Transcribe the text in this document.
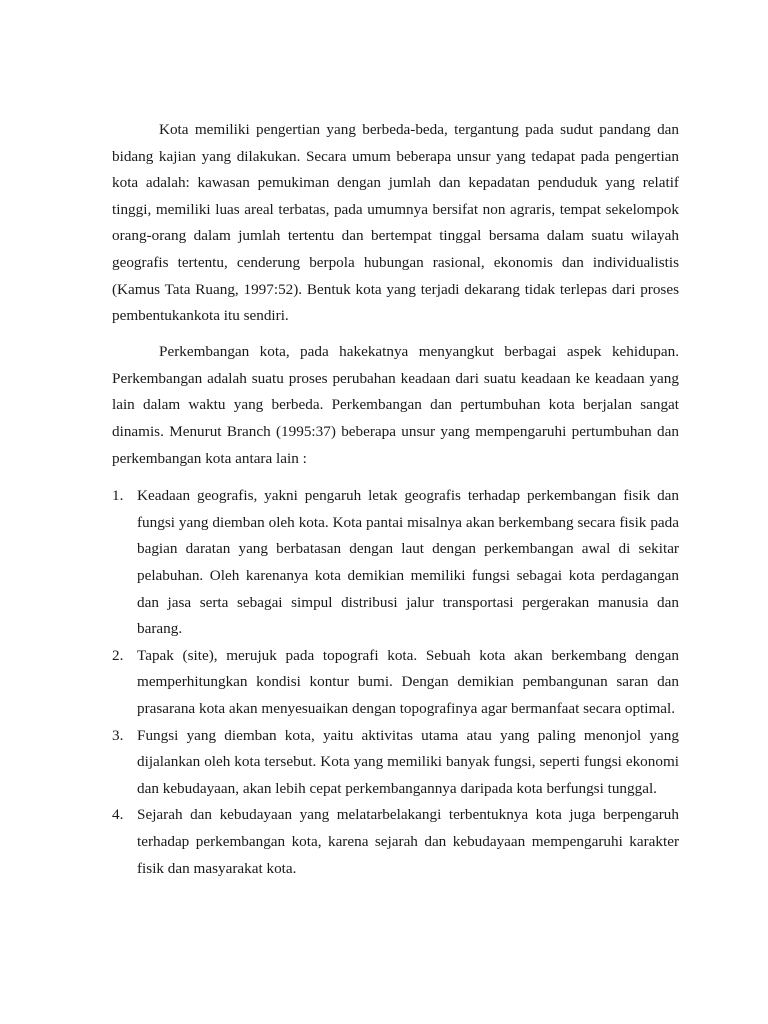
Kota memiliki pengertian yang berbeda-beda, tergantung pada sudut pandang dan bidang kajian yang dilakukan. Secara umum beberapa unsur yang tedapat pada pengertian kota adalah: kawasan pemukiman dengan jumlah dan kepadatan penduduk yang relatif tinggi, memiliki luas areal terbatas, pada umumnya bersifat non agraris, tempat sekelompok orang-orang dalam jumlah tertentu dan bertempat tinggal bersama dalam suatu wilayah geografis tertentu, cenderung berpola hubungan rasional, ekonomis dan individualistis (Kamus Tata Ruang, 1997:52). Bentuk kota yang terjadi dekarang tidak terlepas dari proses pembentukankota itu sendiri.

Perkembangan kota, pada hakekatnya menyangkut berbagai aspek kehidupan. Perkembangan adalah suatu proses perubahan keadaan dari suatu keadaan ke keadaan yang lain dalam waktu yang berbeda. Perkembangan dan pertumbuhan kota berjalan sangat dinamis. Menurut Branch (1995:37) beberapa unsur yang mempengaruhi pertumbuhan dan perkembangan kota antara lain :

1. Keadaan geografis, yakni pengaruh letak geografis terhadap perkembangan fisik dan fungsi yang diemban oleh kota. Kota pantai misalnya akan berkembang secara fisik pada bagian daratan yang berbatasan dengan laut dengan perkembangan awal di sekitar pelabuhan. Oleh karenanya kota demikian memiliki fungsi sebagai kota perdagangan dan jasa serta sebagai simpul distribusi jalur transportasi pergerakan manusia dan barang.
2. Tapak (site), merujuk pada topografi kota. Sebuah kota akan berkembang dengan memperhitungkan kondisi kontur bumi. Dengan demikian pembangunan saran dan prasarana kota akan menyesuaikan dengan topografinya agar bermanfaat secara optimal.
3. Fungsi yang diemban kota, yaitu aktivitas utama atau yang paling menonjol yang dijalankan oleh kota tersebut. Kota yang memiliki banyak fungsi, seperti fungsi ekonomi dan kebudayaan, akan lebih cepat perkembangannya daripada kota berfungsi tunggal.
4. Sejarah dan kebudayaan yang melatarbelakangi terbentuknya kota juga berpengaruh terhadap perkembangan kota, karena sejarah dan kebudayaan mempengaruhi karakter fisik dan masyarakat kota.
